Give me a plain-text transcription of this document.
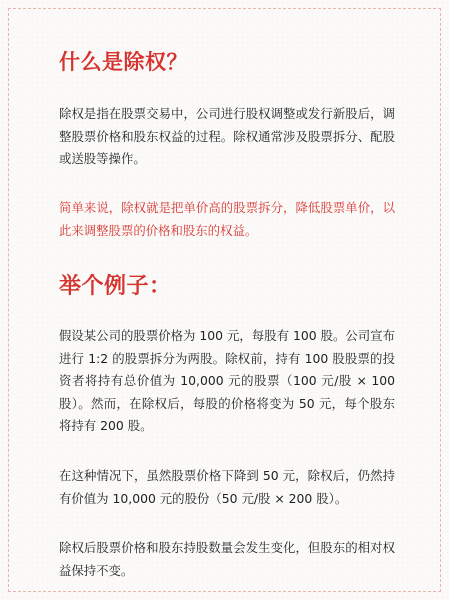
什么是除权？

除权是指在股票交易中，公司进行股权调整或发行新股后，调整股票价格和股东权益的过程。除权通常涉及股票拆分、配股或送股等操作。

简单来说，除权就是把单价高的股票拆分，降低股票单价，以此来调整股票的价格和股东的权益。

举个例子：

假设某公司的股票价格为 100 元，每股有 100 股。公司宣布进行 1:2 的股票拆分为两股。除权前，持有 100 股股票的投资者将持有总价值为 10,000 元的股票（100 元/股 × 100 股）。然而，在除权后，每股的价格将变为 50 元，每个股东将持有 200 股。

在这种情况下，虽然股票价格下降到 50 元，除权后，仍然持有价值为 10,000 元的股份（50 元/股 × 200 股）。

除权后股票价格和股东持股数量会发生变化，但股东的相对权益保持不变。
